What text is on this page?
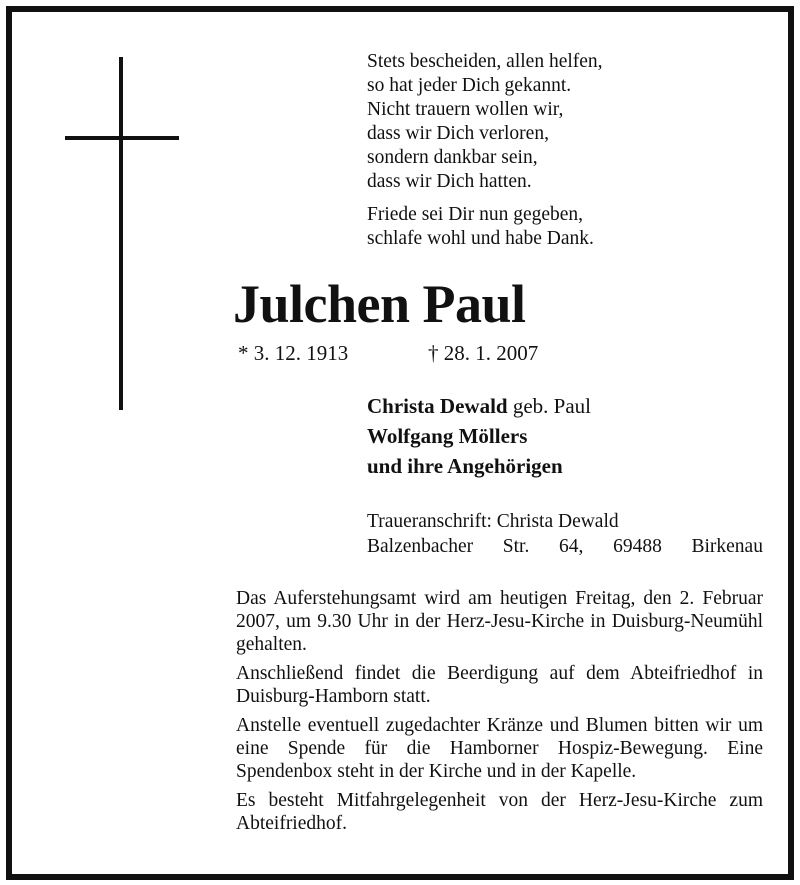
Stets bescheiden, allen helfen,
so hat jeder Dich gekannt.
Nicht trauern wollen wir,
dass wir Dich verloren,
sondern dankbar sein,
dass wir Dich hatten.
Friede sei Dir nun gegeben,
schlafe wohl und habe Dank.
Julchen Paul
* 3. 12. 1913	† 28. 1. 2007
Christa Dewald geb. Paul
Wolfgang Möllers
und ihre Angehörigen
Traueranschrift: Christa Dewald
Balzenbacher Str. 64, 69488 Birkenau

Das Auferstehungsamt wird am heutigen Freitag, den 2. Februar 2007, um 9.30 Uhr in der Herz-Jesu-Kirche in Duisburg-Neumühl gehalten.

Anschließend findet die Beerdigung auf dem Abteifriedhof in Duisburg-Hamborn statt.

Anstelle eventuell zugedachter Kränze und Blumen bitten wir um eine Spende für die Hamborner Hospiz-Bewegung. Eine Spendenbox steht in der Kirche und in der Kapelle.

Es besteht Mitfahrgelegenheit von der Herz-Jesu-Kirche zum Abteifriedhof.
